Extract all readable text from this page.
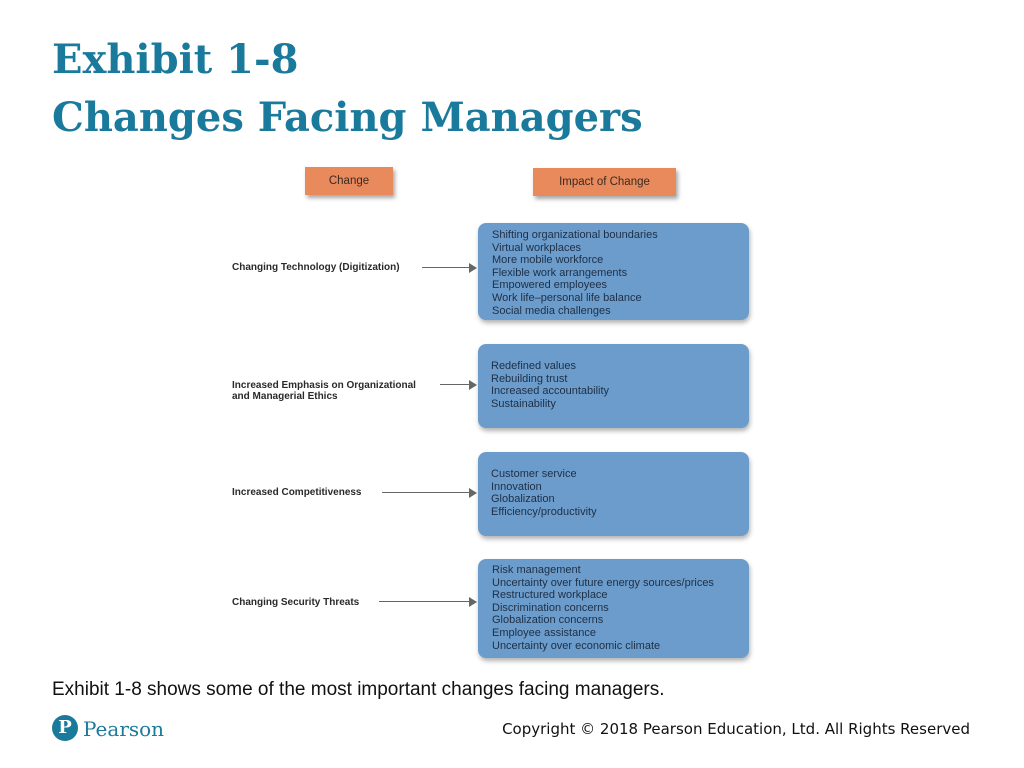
Exhibit 1-8
Changes Facing Managers
Change	Impact of Change
Changing Technology (Digitization)
Shifting organizational boundaries
Virtual workplaces
More mobile workforce
Flexible work arrangements
Empowered employees
Work life–personal life balance
Social media challenges
Increased Emphasis on Organizational
and Managerial Ethics
Redefined values
Rebuilding trust
Increased accountability
Sustainability
Increased Competitiveness
Customer service
Innovation
Globalization
Efficiency/productivity
Changing Security Threats
Risk management
Uncertainty over future energy sources/prices
Restructured workplace
Discrimination concerns
Globalization concerns
Employee assistance
Uncertainty over economic climate

Exhibit 1-8 shows some of the most important changes facing managers.

P Pearson	Copyright © 2018 Pearson Education, Ltd. All Rights Reserved
